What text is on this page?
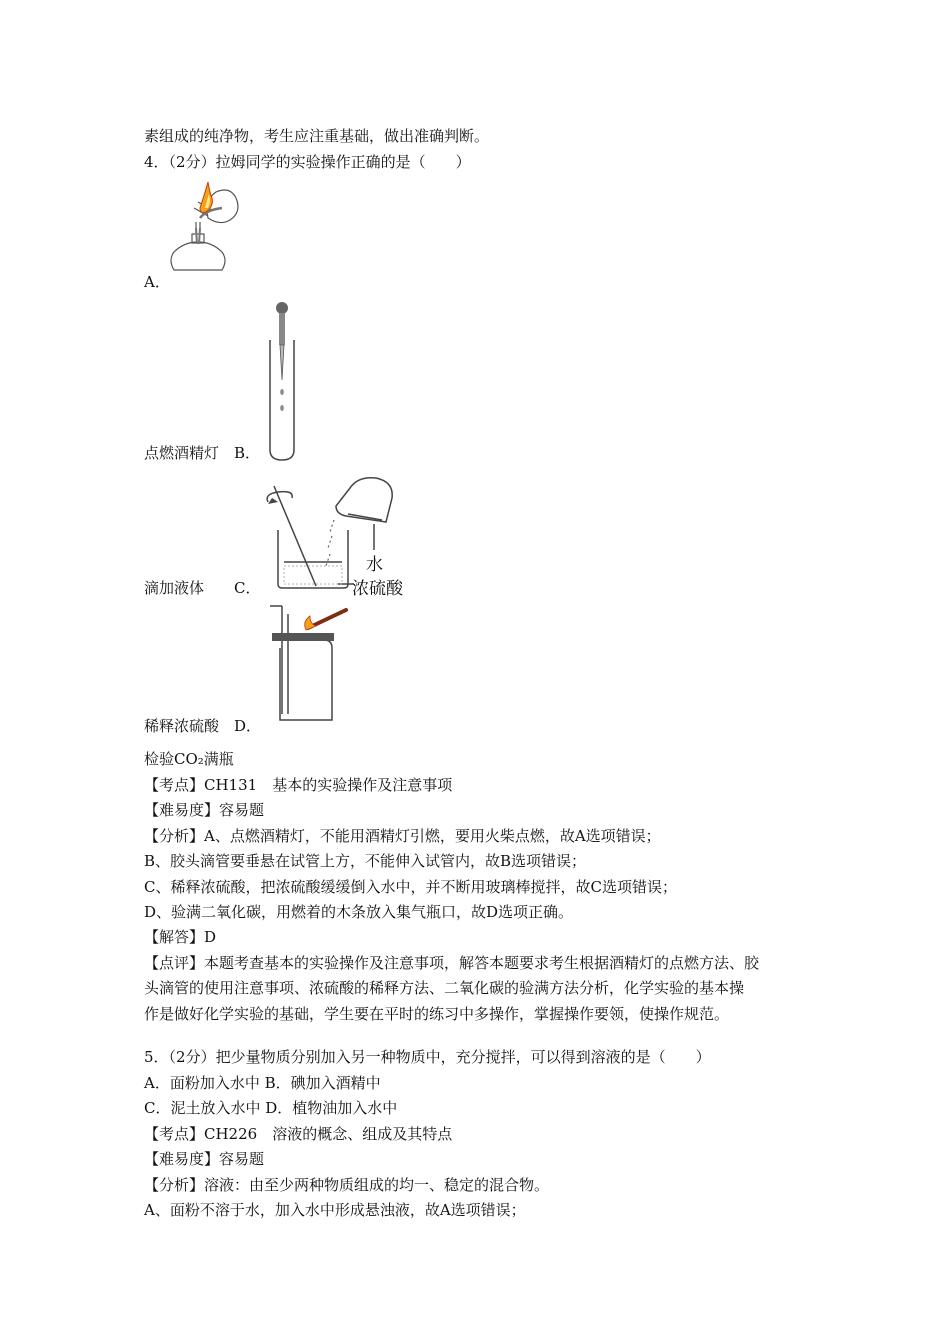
素组成的纯净物，考生应注重基础，做出准确判断。
4．（2分）拉姆同学的实验操作正确的是（　　）
A．
点燃酒精灯　B．
水
浓硫酸
滴加液体　　C．
稀释浓硫酸　D．
检验CO₂满瓶
【考点】CH131　基本的实验操作及注意事项
【难易度】容易题
【分析】A、点燃酒精灯，不能用酒精灯引燃，要用火柴点燃，故A选项错误；
B、胶头滴管要垂悬在试管上方，不能伸入试管内，故B选项错误；
C、稀释浓硫酸，把浓硫酸缓缓倒入水中，并不断用玻璃棒搅拌，故C选项错误；
D、验满二氧化碳，用燃着的木条放入集气瓶口，故D选项正确。
【解答】D
【点评】本题考查基本的实验操作及注意事项，解答本题要求考生根据酒精灯的点燃方法、胶
头滴管的使用注意事项、浓硫酸的稀释方法、二氧化碳的验满方法分析，化学实验的基本操
作是做好化学实验的基础，学生要在平时的练习中多操作，掌握操作要领，使操作规范。
5．（2分）把少量物质分别加入另一种物质中，充分搅拌，可以得到溶液的是（　　）
A．面粉加入水中 B．碘加入酒精中
C．泥土放入水中 D．植物油加入水中
【考点】CH226　溶液的概念、组成及其特点
【难易度】容易题
【分析】溶液：由至少两种物质组成的均一、稳定的混合物。
A、面粉不溶于水，加入水中形成悬浊液，故A选项错误；
